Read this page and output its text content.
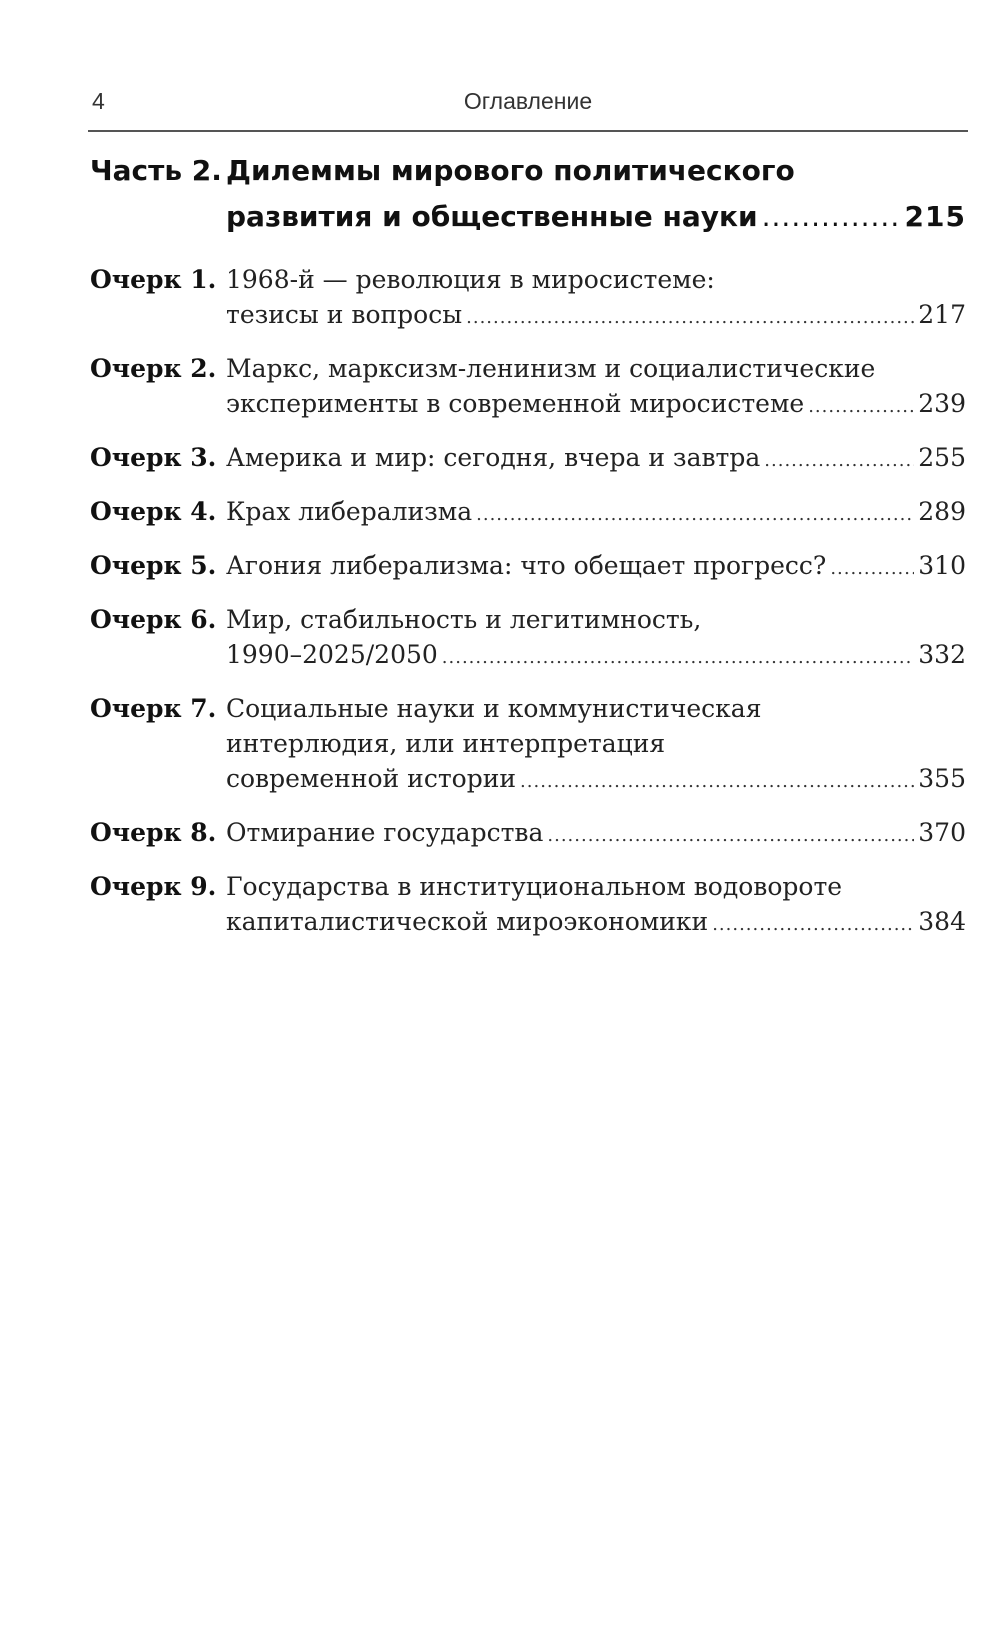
4	Оглавление
Часть 2. Дилеммы мирового политического
развития и общественные науки .....	215
Очерк 1. 1968-й — революция в миросистеме:
тезисы и вопросы .....	217
Очерк 2. Маркс, марксизм-ленинизм и социалистические
эксперименты в современной миросистеме .....	239
Очерк 3. Америка и мир: сегодня, вчера и завтра .....	255
Очерк 4. Крах либерализма .....	289
Очерк 5. Агония либерализма: что обещает прогресс? .....	310
Очерк 6. Мир, стабильность и легитимность,
1990–2025/2050 .....	332
Очерк 7. Социальные науки и коммунистическая
интерлюдия, или интерпретация
современной истории .....	355
Очерк 8. Отмирание государства .....	370
Очерк 9. Государства в институциональном водовороте
капиталистической мироэкономики .....	384
